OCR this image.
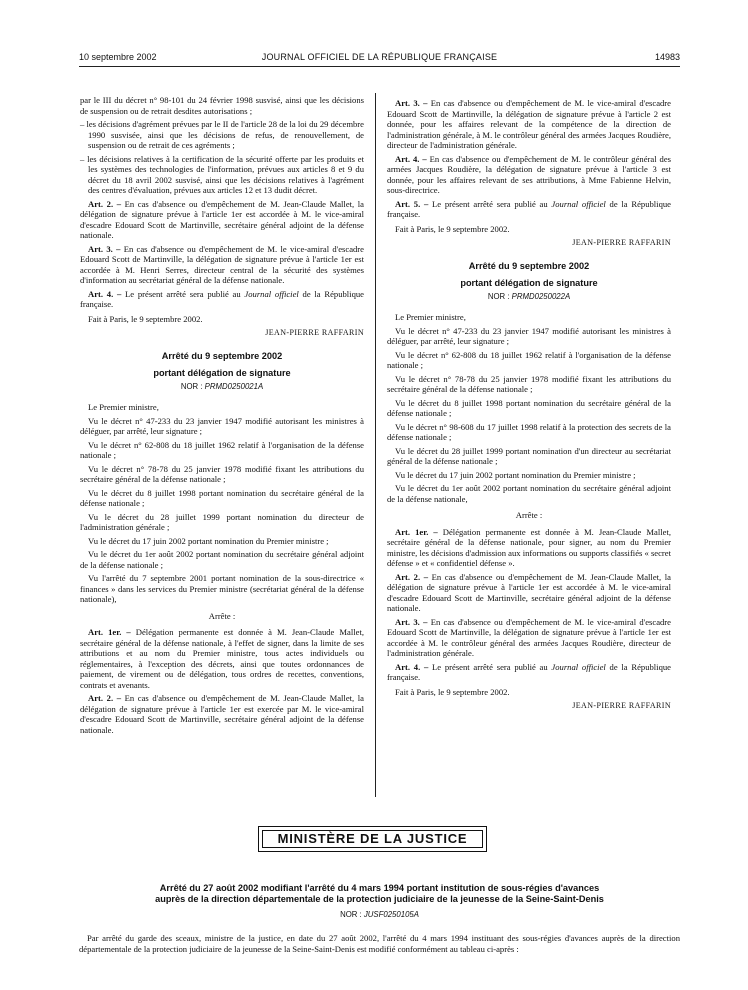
10 septembre 2002	JOURNAL OFFICIEL DE LA RÉPUBLIQUE FRANÇAISE	14983

par le III du décret n° 98-101 du 24 février 1998 susvisé, ainsi que les décisions de suspension ou de retrait desdites autorisations ;

– les décisions d'agrément prévues par le II de l'article 28 de la loi du 29 décembre 1990 susvisée, ainsi que les décisions de refus, de renouvellement, de suspension ou de retrait de ces agréments ;

– les décisions relatives à la certification de la sécurité offerte par les produits et les systèmes des technologies de l'information, prévues aux articles 8 et 9 du décret du 18 avril 2002 susvisé, ainsi que les décisions relatives à l'agrément des centres d'évaluation, prévues aux articles 12 et 13 dudit décret.

Art. 2. – En cas d'absence ou d'empêchement de M. Jean-Claude Mallet, la délégation de signature prévue à l'article 1er est accordée à M. le vice-amiral d'escadre Edouard Scott de Martinville, secrétaire général adjoint de la défense nationale.

Art. 3. – En cas d'absence ou d'empêchement de M. le vice-amiral d'escadre Edouard Scott de Martinville, la délégation de signature prévue à l'article 1er est accordée à M. Henri Serres, directeur central de la sécurité des systèmes d'information au secrétariat général de la défense nationale.

Art. 4. – Le présent arrêté sera publié au Journal officiel de la République française.

Fait à Paris, le 9 septembre 2002.

JEAN-PIERRE RAFFARIN

Arrêté du 9 septembre 2002
portant délégation de signature

NOR : PRMD0250021A

Le Premier ministre,

Vu le décret n° 47-233 du 23 janvier 1947 modifié autorisant les ministres à déléguer, par arrêté, leur signature ;

Vu le décret n° 62-808 du 18 juillet 1962 relatif à l'organisation de la défense nationale ;

Vu le décret n° 78-78 du 25 janvier 1978 modifié fixant les attributions du secrétaire général de la défense nationale ;

Vu le décret du 8 juillet 1998 portant nomination du secrétaire général de la défense nationale ;

Vu le décret du 28 juillet 1999 portant nomination du directeur de l'administration générale ;

Vu le décret du 17 juin 2002 portant nomination du Premier ministre ;

Vu le décret du 1er août 2002 portant nomination du secrétaire général adjoint de la défense nationale ;

Vu l'arrêté du 7 septembre 2001 portant nomination de la sous-directrice « finances » dans les services du Premier ministre (secrétariat général de la défense nationale),

Arrête :

Art. 1er. – Délégation permanente est donnée à M. Jean-Claude Mallet, secrétaire général de la défense nationale, à l'effet de signer, dans la limite de ses attributions et au nom du Premier ministre, tous actes individuels ou réglementaires, à l'exception des décrets, ainsi que toutes ordonnances de paiement, de virement ou de délégation, tous ordres de recettes, conventions, contrats et avenants.

Art. 2. – En cas d'absence ou d'empêchement de M. Jean-Claude Mallet, la délégation de signature prévue à l'article 1er est exercée par M. le vice-amiral d'escadre Edouard Scott de Martinville, secrétaire général adjoint de la défense nationale.

Art. 3. – En cas d'absence ou d'empêchement de M. le vice-amiral d'escadre Edouard Scott de Martinville, la délégation de signature prévue à l'article 2 est donnée, pour les affaires relevant de la compétence de la direction de l'administration générale, à M. le contrôleur général des armées Jacques Roudière, directeur de l'administration générale.

Art. 4. – En cas d'absence ou d'empêchement de M. le contrôleur général des armées Jacques Roudière, la délégation de signature prévue à l'article 3 est donnée, pour les affaires relevant de ses attributions, à Mme Fabienne Helvin, sous-directrice.

Art. 5. – Le présent arrêté sera publié au Journal officiel de la République française.

Fait à Paris, le 9 septembre 2002.

JEAN-PIERRE RAFFARIN

Arrêté du 9 septembre 2002
portant délégation de signature

NOR : PRMD0250022A

Le Premier ministre,

Vu le décret n° 47-233 du 23 janvier 1947 modifié autorisant les ministres à déléguer, par arrêté, leur signature ;

Vu le décret n° 62-808 du 18 juillet 1962 relatif à l'organisation de la défense nationale ;

Vu le décret n° 78-78 du 25 janvier 1978 modifié fixant les attributions du secrétaire général de la défense nationale ;

Vu le décret du 8 juillet 1998 portant nomination du secrétaire général de la défense nationale ;

Vu le décret n° 98-608 du 17 juillet 1998 relatif à la protection des secrets de la défense nationale ;

Vu le décret du 28 juillet 1999 portant nomination d'un directeur au secrétariat général de la défense nationale ;

Vu le décret du 17 juin 2002 portant nomination du Premier ministre ;

Vu le décret du 1er août 2002 portant nomination du secrétaire général adjoint de la défense nationale,

Arrête :

Art. 1er. – Délégation permanente est donnée à M. Jean-Claude Mallet, secrétaire général de la défense nationale, pour signer, au nom du Premier ministre, les décisions d'admission aux informations ou supports classifiés « secret défense » et « confidentiel défense ».

Art. 2. – En cas d'absence ou d'empêchement de M. Jean-Claude Mallet, la délégation de signature prévue à l'article 1er est accordée à M. le vice-amiral d'escadre Edouard Scott de Martinville, secrétaire général adjoint de la défense nationale.

Art. 3. – En cas d'absence ou d'empêchement de M. le vice-amiral d'escadre Edouard Scott de Martinville, la délégation de signature prévue à l'article 1er est accordée à M. le contrôleur général des armées Jacques Roudière, directeur de l'administration générale.

Art. 4. – Le présent arrêté sera publié au Journal officiel de la République française.

Fait à Paris, le 9 septembre 2002.

JEAN-PIERRE RAFFARIN

MINISTÈRE DE LA JUSTICE
Arrêté du 27 août 2002 modifiant l'arrêté du 4 mars 1994 portant institution de sous-régies d'avances
auprès de la direction départementale de la protection judiciaire de la jeunesse de la Seine-Saint-Denis
NOR : JUSF0250105A

Par arrêté du garde des sceaux, ministre de la justice, en date du 27 août 2002, l'arrêté du 4 mars 1994 instituant des sous-régies d'avances auprès de la direction départementale de la protection judiciaire de la jeunesse de la Seine-Saint-Denis est modifié conformément au tableau ci-après :
